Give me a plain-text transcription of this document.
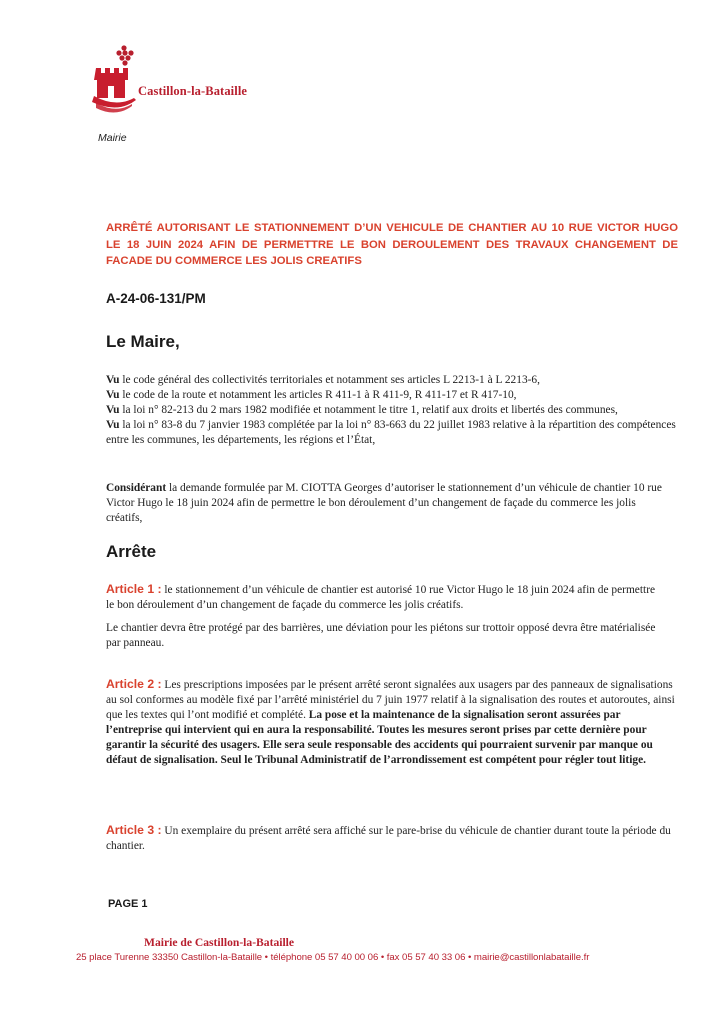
Castillon-la-Bataille
Mairie
ARRÊTÉ AUTORISANT LE STATIONNEMENT D’UN VEHICULE DE CHANTIER AU 10 RUE VICTOR HUGO LE 18 JUIN 2024 AFIN DE PERMETTRE LE BON DEROULEMENT DES TRAVAUX CHANGEMENT DE FACADE DU COMMERCE LES JOLIS CREATIFS
A-24-06-131/PM
Le Maire,
Vu le code général des collectivités territoriales et notamment ses articles L 2213-1 à L 2213-6,
Vu le code de la route et notamment les articles R 411-1 à R 411-9, R 411-17 et R 417-10,
Vu la loi n° 82-213 du 2 mars 1982 modifiée et notamment le titre 1, relatif aux droits et libertés des communes,
Vu la loi n° 83-8 du 7 janvier 1983 complétée par la loi n° 83-663 du 22 juillet 1983 relative à la répartition des compétences entre les communes, les départements, les régions et l’État,
Considérant la demande formulée par M. CIOTTA Georges d’autoriser le stationnement d’un véhicule de chantier 10 rue Victor Hugo le 18 juin 2024 afin de permettre le bon déroulement d’un changement de façade du commerce les jolis créatifs,
Arrête
Article 1 : le stationnement d’un véhicule de chantier est autorisé 10 rue Victor Hugo le 18 juin 2024 afin de permettre le bon déroulement d’un changement de façade du commerce les jolis créatifs.
Le chantier devra être protégé par des barrières, une déviation pour les piétons sur trottoir opposé devra être matérialisée par panneau.
Article 2 : Les prescriptions imposées par le présent arrêté seront signalées aux usagers par des panneaux de signalisations au sol conformes au modèle fixé par l’arrêté ministériel du 7 juin 1977 relatif à la signalisation des routes et autoroutes, ainsi que les textes qui l’ont modifié et complété. La pose et la maintenance de la signalisation seront assurées par l’entreprise qui intervient qui en aura la responsabilité. Toutes les mesures seront prises par cette dernière pour garantir la sécurité des usagers. Elle sera seule responsable des accidents qui pourraient survenir par manque ou défaut de signalisation. Seul le Tribunal Administratif de l’arrondissement est compétent pour régler tout litige.
Article 3 : Un exemplaire du présent arrêté sera affiché sur le pare-brise du véhicule de chantier durant toute la période du chantier.
PAGE 1
Mairie de Castillon-la-Bataille
25 place Turenne 33350 Castillon-la-Bataille • téléphone 05 57 40 00 06 • fax 05 57 40 33 06 • mairie@castillonlabataille.fr
